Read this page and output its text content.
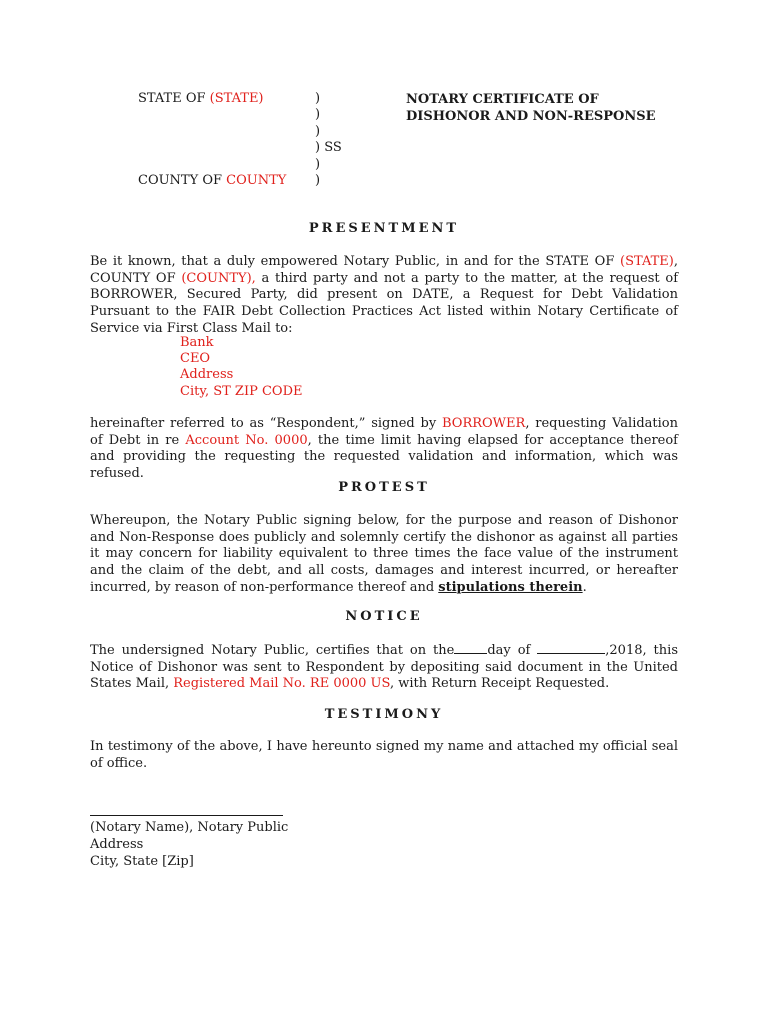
STATE OF (STATE)	)
)
)
) SS
)
COUNTY OF COUNTY )
NOTARY CERTIFICATE OF
DISHONOR AND NON-RESPONSE
PRESENTMENT
Be it known, that a duly empowered Notary Public, in and for the STATE OF (STATE), COUNTY OF (COUNTY), a third party and not a party to the matter, at the request of BORROWER, Secured Party, did present on DATE, a Request for Debt Validation Pursuant to the FAIR Debt Collection Practices Act listed within Notary Certificate of Service via First Class Mail to:
Bank
CEO
Address
City, ST ZIP CODE
hereinafter referred to as “Respondent,” signed by BORROWER, requesting Validation of Debt in re Account No. 0000, the time limit having elapsed for acceptance thereof and providing the requesting the requested validation and information, which was refused.
PROTEST
Whereupon, the Notary Public signing below, for the purpose and reason of Dishonor and Non-Response does publicly and solemnly certify the dishonor as against all parties it may concern for liability equivalent to three times the face value of the instrument and the claim of the debt, and all costs, damages and interest incurred, or hereafter incurred, by reason of non-performance thereof and stipulations therein.
NOTICE
The undersigned Notary Public, certifies that on the	day of	,2018, this Notice of Dishonor was sent to Respondent by depositing said document in the United States Mail, Registered Mail No. RE 0000 US, with Return Receipt Requested.
TESTIMONY
In testimony of the above, I have hereunto signed my name and attached my official seal of office.
(Notary Name), Notary Public
Address
City, State [Zip]
